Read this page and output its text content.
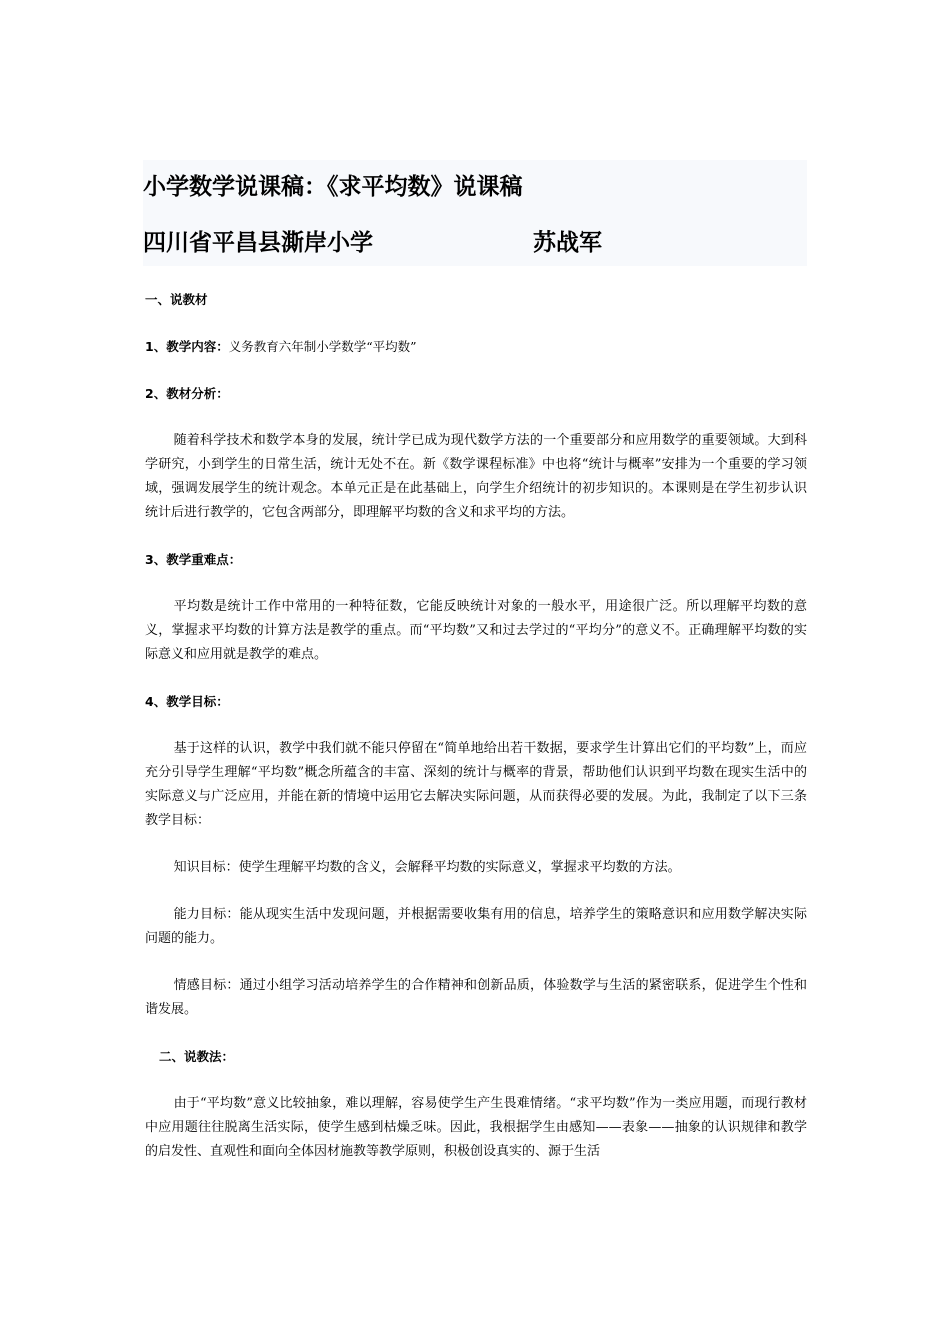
小学数学说课稿：《求平均数》说课稿

四川省平昌县澌岸小学	苏战军

一、说教材

1、教学内容：义务教育六年制小学数学“平均数”

2、教材分析：

随着科学技术和数学本身的发展，统计学已成为现代数学方法的一个重要部分和应用数学的重要领域。大到科学研究，小到学生的日常生活，统计无处不在。新《数学课程标准》中也将“统计与概率”安排为一个重要的学习领域，强调发展学生的统计观念。本单元正是在此基础上，向学生介绍统计的初步知识的。本课则是在学生初步认识统计后进行教学的，它包含两部分，即理解平均数的含义和求平均的方法。

3、教学重难点：

平均数是统计工作中常用的一种特征数，它能反映统计对象的一般水平，用途很广泛。所以理解平均数的意义，掌握求平均数的计算方法是教学的重点。而“平均数”又和过去学过的“平均分”的意义不。正确理解平均数的实际意义和应用就是教学的难点。

4、教学目标：

基于这样的认识，教学中我们就不能只停留在“简单地给出若干数据，要求学生计算出它们的平均数”上，而应充分引导学生理解“平均数”概念所蕴含的丰富、深刻的统计与概率的背景，帮助他们认识到平均数在现实生活中的实际意义与广泛应用，并能在新的情境中运用它去解决实际问题，从而获得必要的发展。为此，我制定了以下三条教学目标：

知识目标：使学生理解平均数的含义，会解释平均数的实际意义，掌握求平均数的方法。

能力目标：能从现实生活中发现问题，并根据需要收集有用的信息，培养学生的策略意识和应用数学解决实际问题的能力。

情感目标：通过小组学习活动培养学生的合作精神和创新品质，体验数学与生活的紧密联系，促进学生个性和谐发展。

二、说教法：

由于“平均数”意义比较抽象，难以理解，容易使学生产生畏难情绪。“求平均数”作为一类应用题，而现行教材中应用题往往脱离生活实际，使学生感到枯燥乏味。因此，我根据学生由感知——表象——抽象的认识规律和教学的启发性、直观性和面向全体因材施教等教学原则，积极创设真实的、源于生活
